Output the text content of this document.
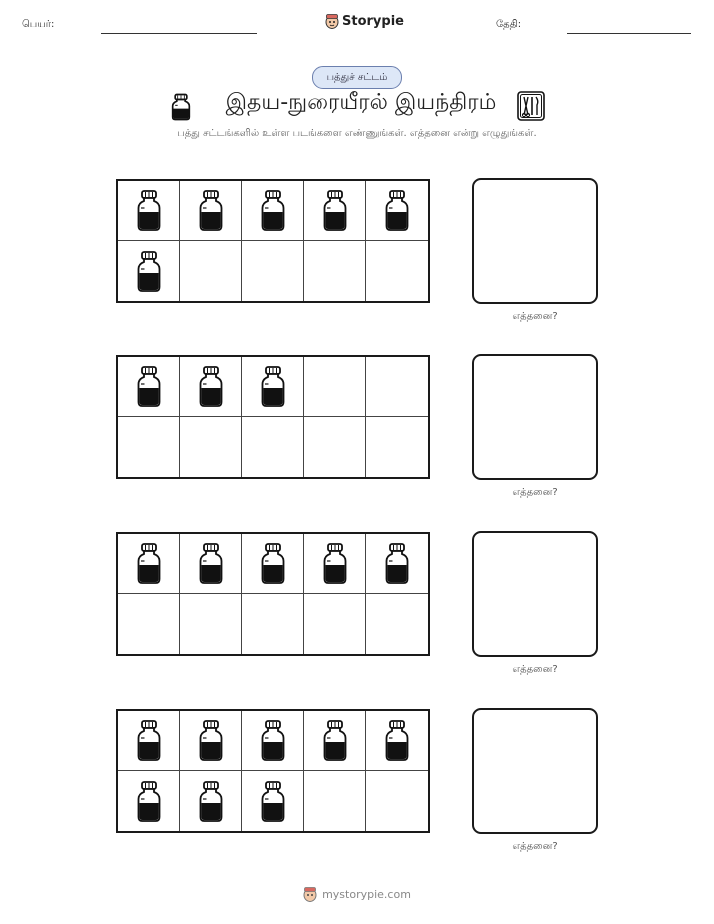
பெயர்:	தேதி:
Storypie
பத்துச் சட்டம்
இதய-நுரையீரல் இயந்திரம்
பத்து சட்டங்களில் உள்ள படங்களை எண்ணுங்கள். எத்தனை என்று எழுதுங்கள்.
எத்தனை?
எத்தனை?
எத்தனை?
எத்தனை?
mystorypie.com
